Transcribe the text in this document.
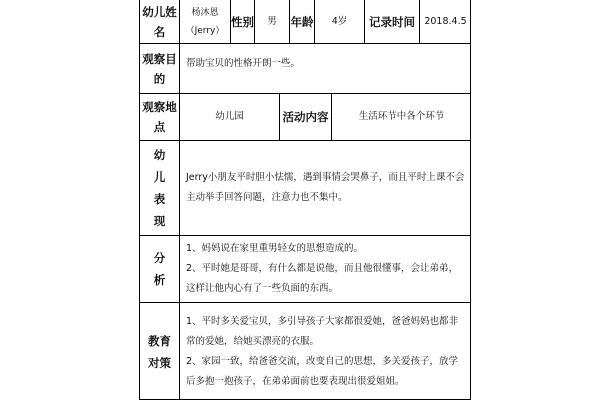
幼儿姓名
杨沐恩（Jerry）
性别 男 年龄 4岁 记录时间 2018.4.5
观察目的
帮助宝贝的性格开朗一些。
观察地点
幼儿园	活动内容	生活环节中各个环节
幼儿表现
Jerry小朋友平时胆小怯懦，遇到事情会哭鼻子，而且平时上课不会主动举手回答问题，注意力也不集中。
分析
1、妈妈说在家里重男轻女的思想造成的。
2、平时她是哥哥，有什么都是说他，而且他很懂事，会让弟弟，这样让他内心有了一些负面的东西。
教育对策
1、平时多关爱宝贝，多引导孩子大家都很爱她，爸爸妈妈也都非常的爱她，给她买漂亮的衣服。
2、家园一致，给爸爸交流，改变自己的思想，多关爱孩子，放学后多抱一抱孩子，在弟弟面前也要表现出很爱姐姐。
